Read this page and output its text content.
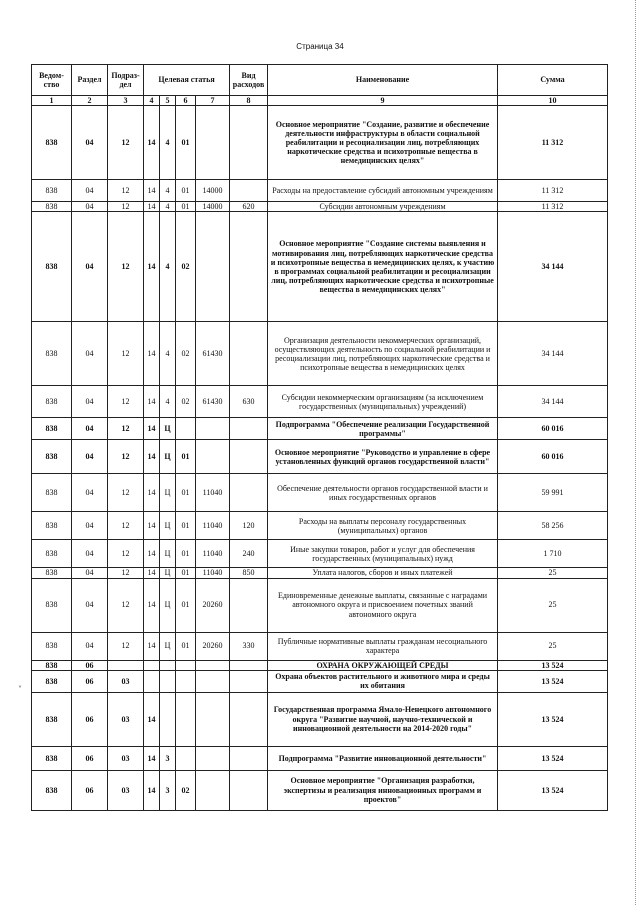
Страница 34
˅
Ведом-ство	Раздел	Подраз-дел	Целевая статья				Вид расходов	Наименование	Сумма
1	2	3	4	5	6	7	8	9	10
838	04	12	14	4	01			Основное мероприятие "Создание, развитие и обеспечение деятельности инфраструктуры в области социальной реабилитации и ресоциализации лиц, потребляющих наркотические средства и психотропные вещества в немедицинских целях"	11 312
838	04	12	14	4	01	14000		Расходы на предоставление субсидий автономным учреждениям	11 312
838	04	12	14	4	01	14000	620	Субсидии автономным учреждениям	11 312
838	04	12	14	4	02			Основное мероприятие "Создание системы выявления и мотивирования лиц, потребляющих наркотические средства и психотропные вещества в немедицинских целях, к участию в программах социальной реабилитации и ресоциализации лиц, потребляющих наркотические средства и психотропные вещества в немедицинских целях"	34 144
838	04	12	14	4	02	61430		Организация деятельности некоммерческих организаций, осуществляющих деятельность по социальной реабилитации и ресоциализации лиц, потребляющих наркотические средства и психотропные вещества в немедицинских целях	34 144
838	04	12	14	4	02	61430	630	Субсидии некоммерческим организациям (за исключением государственных (муниципальных) учреждений)	34 144
838	04	12	14	Ц				Подпрограмма "Обеспечение реализации Государственной программы"	60 016
838	04	12	14	Ц	01			Основное мероприятие "Руководство и управление в сфере установленных функций органов государственной власти"	60 016
838	04	12	14	Ц	01	11040		Обеспечение деятельности органов государственной власти и иных государственных органов	59 991
838	04	12	14	Ц	01	11040	120	Расходы на выплаты персоналу государственных (муниципальных) органов	58 256
838	04	12	14	Ц	01	11040	240	Иные закупки товаров, работ и услуг для обеспечения государственных (муниципальных) нужд	1 710
838	04	12	14	Ц	01	11040	850	Уплата налогов, сборов и иных платежей	25
838	04	12	14	Ц	01	20260		Единовременные денежные выплаты, связанные с наградами автономного округа и присвоением почетных званий автономного округа	25
838	04	12	14	Ц	01	20260	330	Публичные нормативные выплаты гражданам несоциального характера	25
838	06							ОХРАНА ОКРУЖАЮЩЕЙ СРЕДЫ	13 524
838	06	03						Охрана объектов растительного и животного мира и среды их обитания	13 524
838	06	03	14					Государственная программа Ямало-Ненецкого автономного округа "Развитие научной, научно-технической и инновационной деятельности на 2014-2020 годы"	13 524
838	06	03	14	3				Подпрограмма "Развитие инновационной деятельности"	13 524
838	06	03	14	3	02			Основное мероприятие "Организация разработки, экспертизы и реализация инновационных программ и проектов"	13 524
